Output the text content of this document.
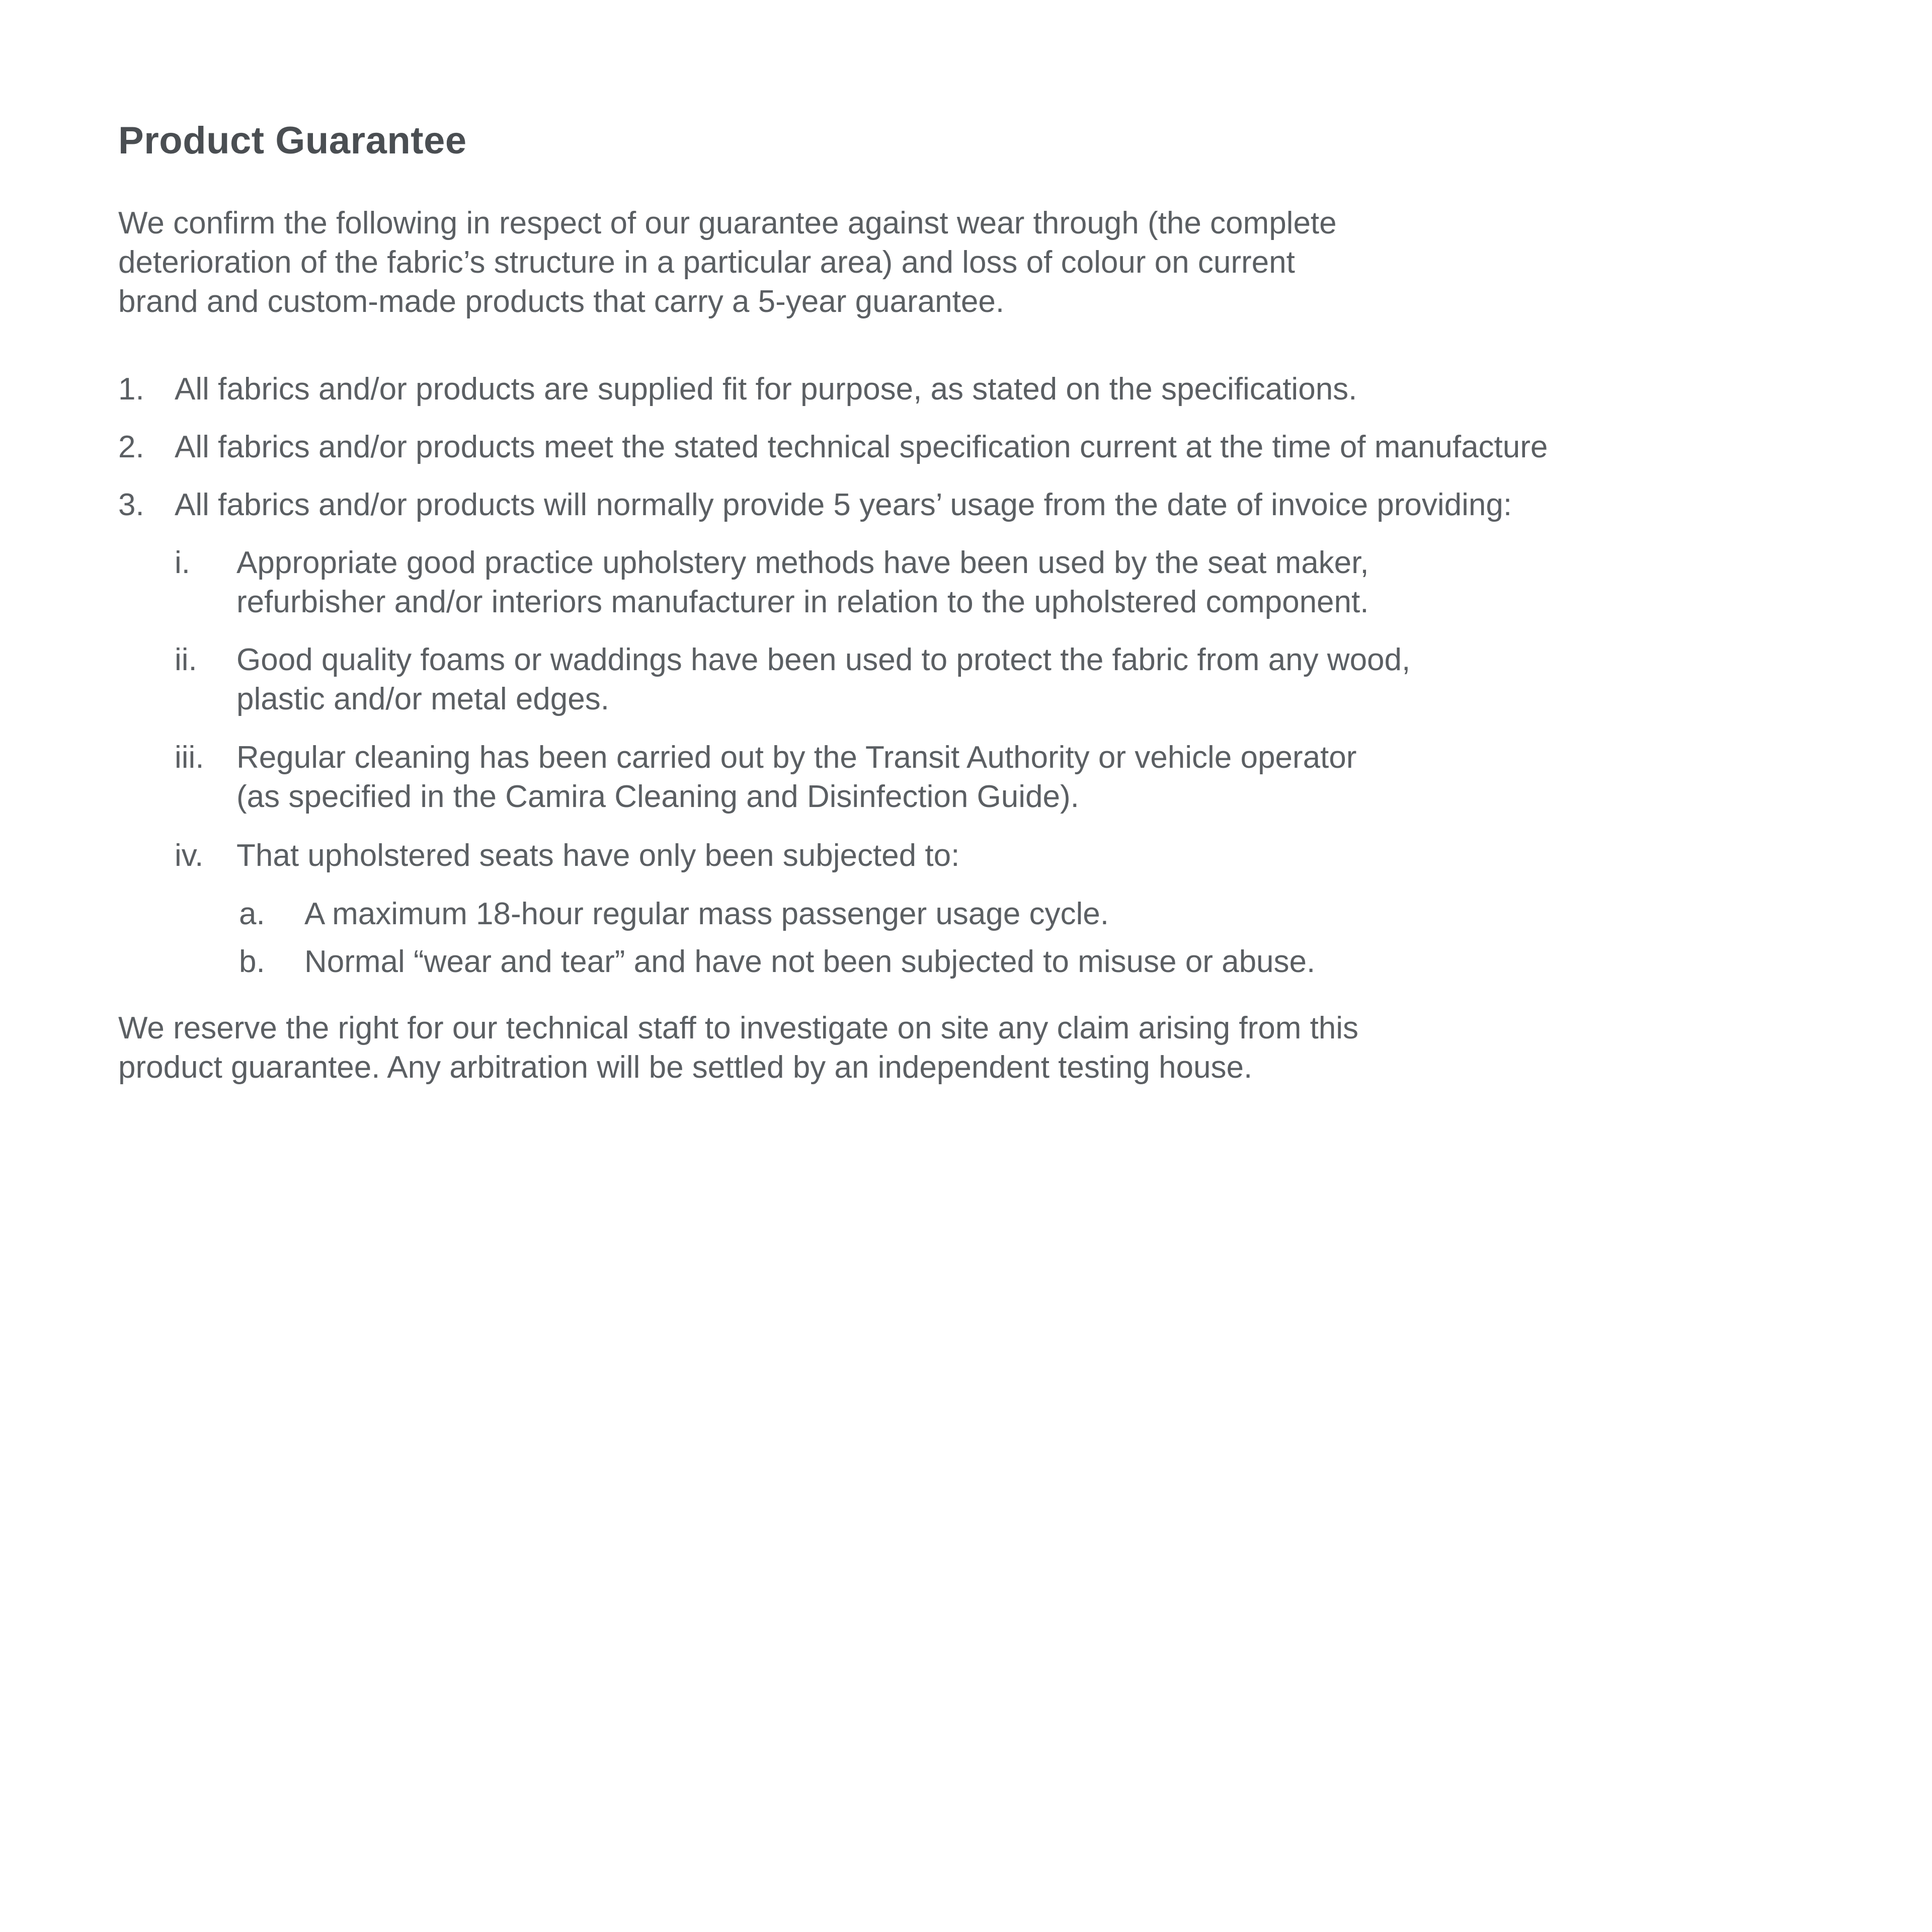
Product Guarantee

We confirm the following in respect of our guarantee against wear through (the complete
deterioration of the fabric’s structure in a particular area) and loss of colour on current
brand and custom-made products that carry a 5-year guarantee.

1. All fabrics and/or products are supplied fit for purpose, as stated on the specifications.
2. All fabrics and/or products meet the stated technical specification current at the time of manufacture
3. All fabrics and/or products will normally provide 5 years’ usage from the date of invoice providing:
i. Appropriate good practice upholstery methods have been used by the seat maker,
refurbisher and/or interiors manufacturer in relation to the upholstered component.
ii. Good quality foams or waddings have been used to protect the fabric from any wood,
plastic and/or metal edges.
iii. Regular cleaning has been carried out by the Transit Authority or vehicle operator
(as specified in the Camira Cleaning and Disinfection Guide).
iv. That upholstered seats have only been subjected to:
a. A maximum 18-hour regular mass passenger usage cycle.
b. Normal “wear and tear” and have not been subjected to misuse or abuse.

We reserve the right for our technical staff to investigate on site any claim arising from this
product guarantee. Any arbitration will be settled by an independent testing house.
